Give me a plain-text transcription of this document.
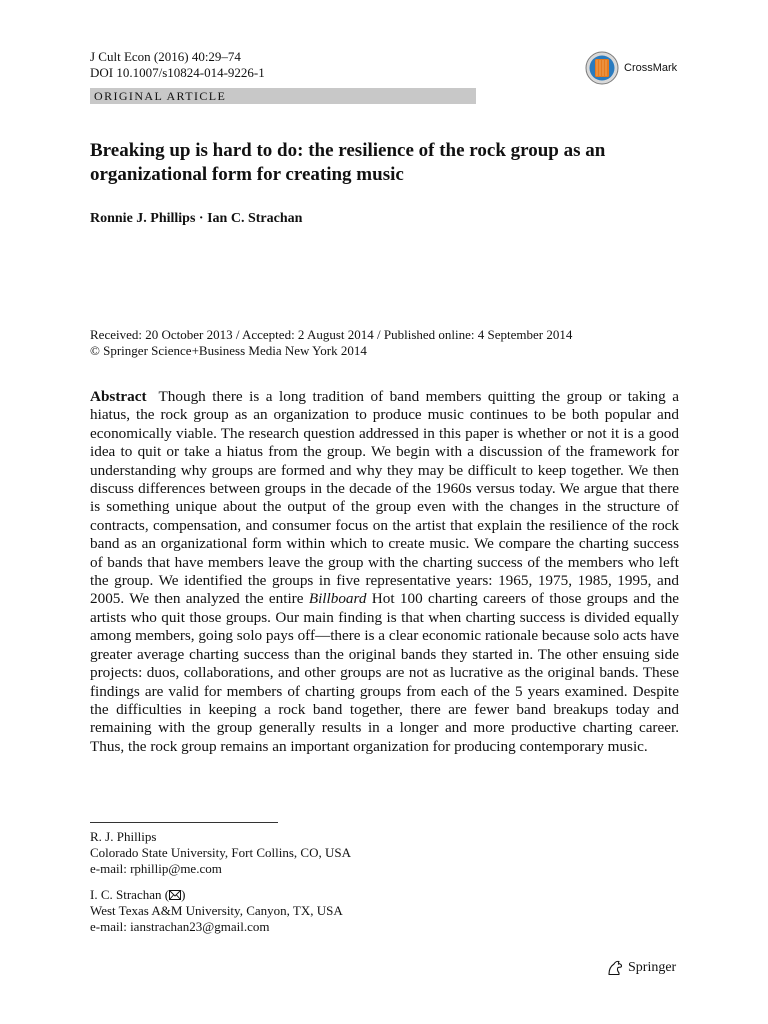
J Cult Econ (2016) 40:29–74
DOI 10.1007/s10824-014-9226-1	CrossMark
ORIGINAL ARTICLE
Breaking up is hard to do: the resilience of the rock group as an organizational form for creating music
Ronnie J. Phillips · Ian C. Strachan
Received: 20 October 2013 / Accepted: 2 August 2014 / Published online: 4 September 2014
© Springer Science+Business Media New York 2014

Abstract Though there is a long tradition of band members quitting the group or taking a hiatus, the rock group as an organization to produce music continues to be both popular and economically viable. The research question addressed in this paper is whether or not it is a good idea to quit or take a hiatus from the group. We begin with a discussion of the framework for understanding why groups are formed and why they may be difficult to keep together. We then discuss differences between groups in the decade of the 1960s versus today. We argue that there is something unique about the output of the group even with the changes in the structure of contracts, compensation, and consumer focus on the artist that explain the resilience of the rock band as an organizational form within which to create music. We compare the charting success of bands that have members leave the group with the charting success of the members who left the group. We identified the groups in five representative years: 1965, 1975, 1985, 1995, and 2005. We then analyzed the entire Billboard Hot 100 charting careers of those groups and the artists who quit those groups. Our main finding is that when charting success is divided equally among members, going solo pays off—there is a clear economic rationale because solo acts have greater average charting success than the original bands they started in. The other ensuing side projects: duos, collaborations, and other groups are not as lucrative as the original bands. These findings are valid for members of charting groups from each of the 5 years examined. Despite the difficulties in keeping a rock band together, there are fewer band breakups today and remaining with the group generally results in a longer and more productive charting career. Thus, the rock group remains an important organization for producing contemporary music.

R. J. Phillips
Colorado State University, Fort Collins, CO, USA
e-mail: rphillip@me.com
I. C. Strachan ( )
West Texas A&M University, Canyon, TX, USA
e-mail: ianstrachan23@gmail.com
Springer
